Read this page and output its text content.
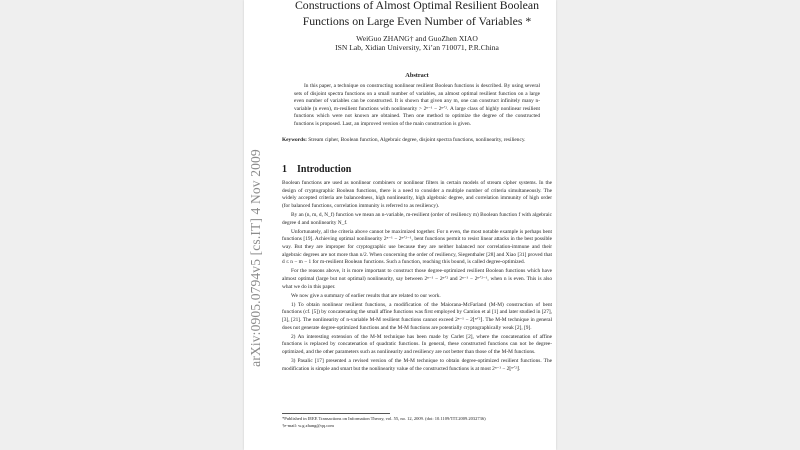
arXiv:0905.0794v5 [cs.IT] 4 Nov 2009
Constructions of Almost Optimal Resilient Boolean
Functions on Large Even Number of Variables *
WeiGuo ZHANG† and GuoZhen XIAO
ISN Lab, Xidian University, Xi’an 710071, P.R.China
Abstract
In this paper, a technique on constructing nonlinear resilient Boolean functions is described. By using several sets of disjoint spectra functions on a small number of variables, an almost optimal resilient function on a large even number of variables can be constructed. It is shown that given any m, one can construct infinitely many n-variable (n even), m-resilient functions with nonlinearity > 2ⁿ⁻¹ − 2ⁿᐟ². A large class of highly nonlinear resilient functions which were not known are obtained. Then one method to optimize the degree of the constructed functions is proposed. Last, an improved version of the main construction is given.
Keywords: Stream cipher, Boolean function, Algebraic degree, disjoint spectra functions, nonlinearity, resiliency.
1 Introduction

Boolean functions are used as nonlinear combiners or nonlinear filters in certain models of stream cipher systems. In the design of cryptographic Boolean functions, there is a need to consider a multiple number of criteria simultaneously. The widely accepted criteria are balancedness, high nonlinearity, high algebraic degree, and correlation immunity of high order (for balanced functions, correlation immunity is referred to as resiliency).

By an (n, m, d, N_f) function we mean an n-variable, m-resilient (order of resiliency m) Boolean function f with algebraic degree d and nonlinearity N_f.

Unfortunately, all the criteria above cannot be maximized together. For n even, the most notable example is perhaps bent functions [19]. Achieving optimal nonlinearity 2ⁿ⁻¹ − 2ⁿᐟ²⁻¹, bent functions permit to resist linear attacks in the best possible way. But they are improper for cryptographic use because they are neither balanced nor correlation-immune and their algebraic degrees are not more than n/2. When concerning the order of resiliency, Siegenthaler [28] and Xiao [31] proved that d ≤ n − m − 1 for m-resilient Boolean functions. Such a function, reaching this bound, is called degree-optimized.

For the reasons above, it is more important to construct those degree-optimized resilient Boolean functions which have almost optimal (large but not optimal) nonlinearity, say between 2ⁿ⁻¹ − 2ⁿᐟ² and 2ⁿ⁻¹ − 2ⁿᐟ²⁻¹, when n is even. This is also what we do in this paper.

We now give a summary of earlier results that are related to our work.

1) To obtain nonlinear resilient functions, a modification of the Maiorana-McFarland (M-M) construction of bent functions (cf. [5]) by concatenating the small affine functions was first employed by Camion et al [1] and later studied in [27], [3], [21]. The nonlinearity of n-variable M-M resilient functions cannot exceed 2ⁿ⁻¹ − 2⌊ⁿᐟ²⌋. The M-M technique in general does not generate degree-optimized functions and the M-M functions are potentially cryptographically weak [2], [9].

2) An interesting extension of the M-M technique has been made by Carlet [2], where the concatenation of affine functions is replaced by concatenation of quadratic functions. In general, these constructed functions can not be degree-optimized, and the other parameters such as nonlinearity and resiliency are not better than those of the M-M functions.

3) Pasalic [17] presented a revised version of the M-M technique to obtain degree-optimized resilient functions. The modification is simple and smart but the nonlinearity value of the constructed functions is at most 2ⁿ⁻¹ − 2⌊ⁿᐟ²⌋.

*Published in IEEE Transactions on Information Theory, vol. 55, no. 12, 2009. (doi: 10.1109/TIT.2009.2032736)
†e-mail: w.g.zhang@qq.com
